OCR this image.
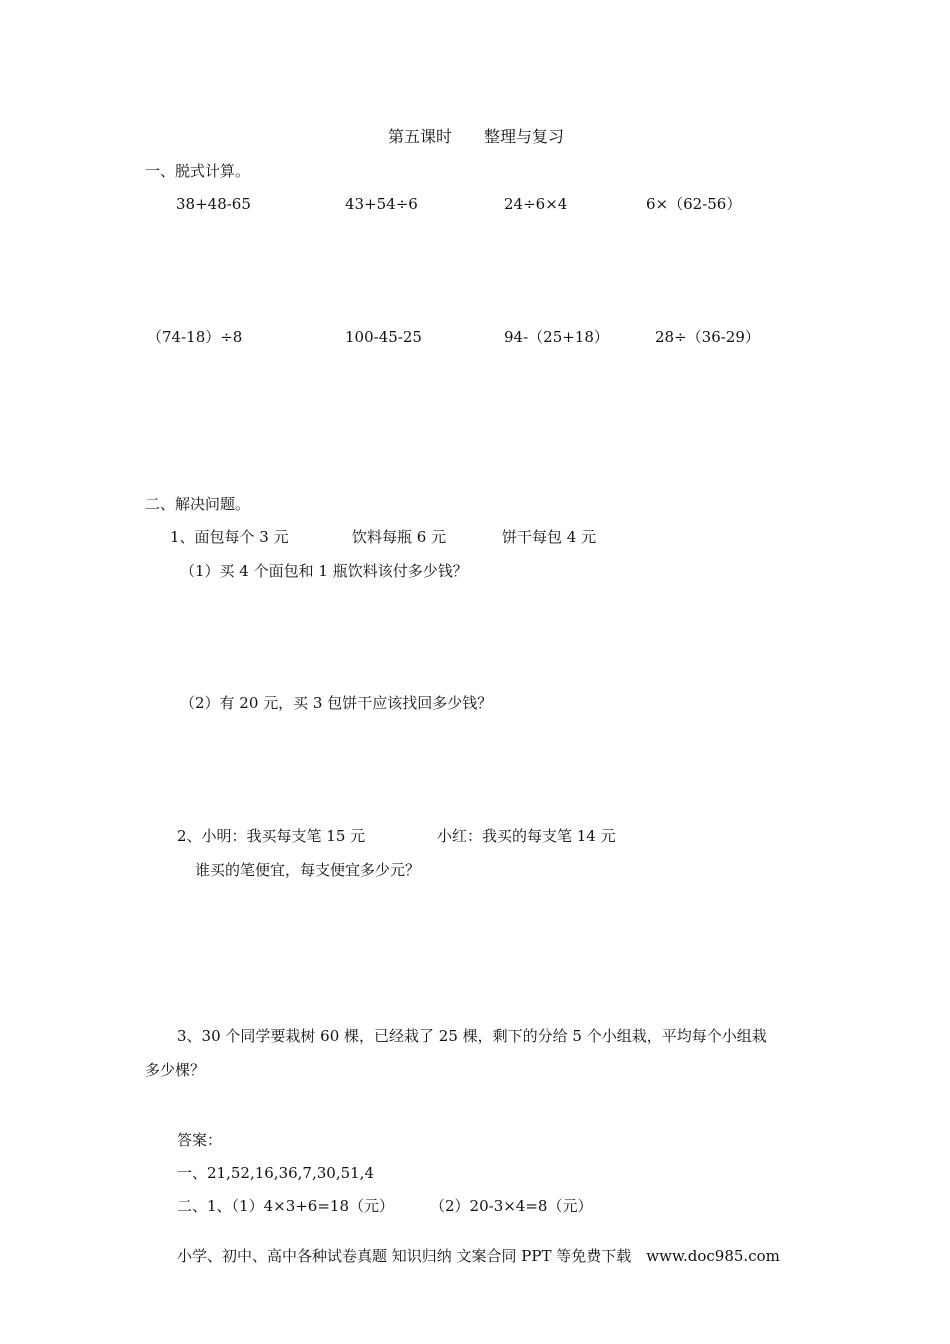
第五课时　　整理与复习
一、脱式计算。
38+48-65	43+54÷6	24÷6×4	6×（62-56）
（74-18）÷8	100-45-25	94-（25+18）	28÷（36-29）
二、解决问题。
1、面包每个 3 元	饮料每瓶 6 元	饼干每包 4 元
（1）买 4 个面包和 1 瓶饮料该付多少钱？
（2）有 20 元，买 3 包饼干应该找回多少钱？
2、小明：我买每支笔 15 元	小红：我买的每支笔 14 元
谁买的笔便宜，每支便宜多少元？
3、30 个同学要栽树 60 棵，已经栽了 25 棵，剩下的分给 5 个小组栽，平均每个小组栽
多少棵？
答案：
一、21,52,16,36,7,30,51,4
二、1、（1）4×3+6=18（元） （2）20-3×4=8（元）
小学、初中、高中各种试卷真题 知识归纳 文案合同 PPT 等免费下载　www.doc985.com
